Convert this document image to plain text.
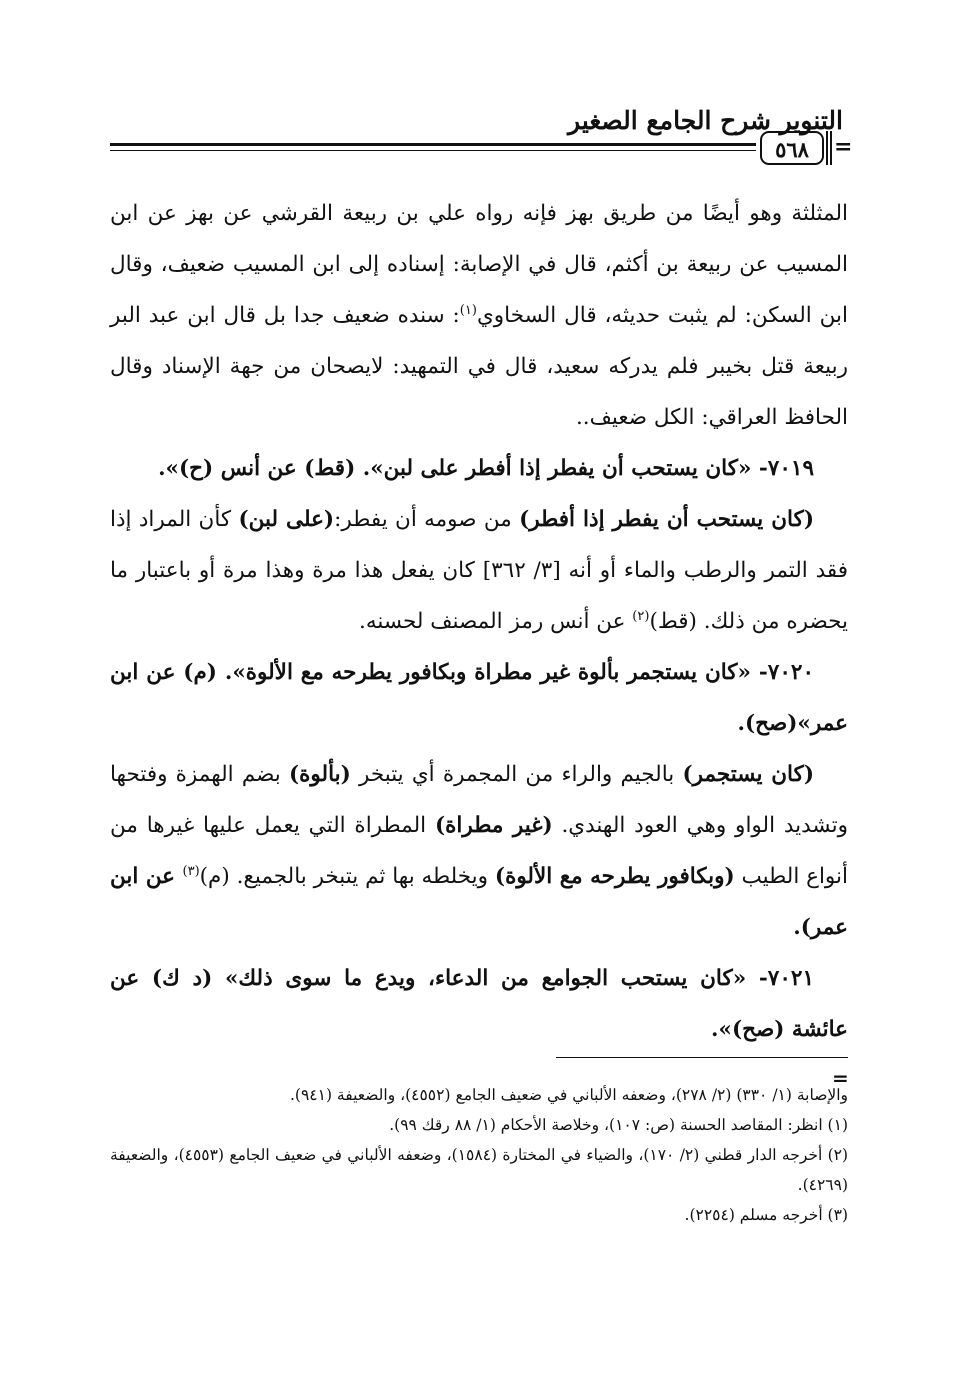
التنوير شرح الجامع الصغير
٥٦٨	=

المثلثة وهو أيضًا من طريق بهز فإنه رواه علي بن ربيعة القرشي عن بهز عن ابن المسيب عن ربيعة بن أكثم، قال في الإصابة: إسناده إلى ابن المسيب ضعيف، وقال ابن السكن: لم يثبت حديثه، قال السخاوي$^{(١)}$: سنده ضعيف جدا بل قال ابن عبد البر ربيعة قتل بخيبر فلم يدركه سعيد، قال في التمهيد: لايصحان من جهة الإسناد وقال الحافظ العراقي: الكل ضعيف..

٧٠١٩- «كان يستحب أن يفطر إذا أفطر على لبن». (قط) عن أنس (ح)».

(كان يستحب أن يفطر إذا أفطر) من صومه أن يفطر:(على لبن) كأن المراد إذا فقد التمر والرطب والماء أو أنه [٣/ ٣٦٢] كان يفعل هذا مرة وهذا مرة أو باعتبار ما يحضره من ذلك. (قط)$^{(٢)}$ عن أنس رمز المصنف لحسنه.

٧٠٢٠- «كان يستجمر بألوة غير مطراة وبكافور يطرحه مع الألوة». (م) عن ابن عمر»(صح).

(كان يستجمر) بالجيم والراء من المجمرة أي يتبخر (بألوة) بضم الهمزة وفتحها وتشديد الواو وهي العود الهندي. (غير مطراة) المطراة التي يعمل عليها غيرها من أنواع الطيب (وبكافور يطرحه مع الألوة) ويخلطه بها ثم يتبخر بالجميع. (م)$^{(٣)}$ عن ابن عمر).

٧٠٢١- «كان يستحب الجوامع من الدعاء، ويدع ما سوى ذلك» (د ك) عن عائشة (صح)».

=

والإصابة (١/ ٣٣٠) (٢/ ٢٧٨)، وضعفه الألباني في ضعيف الجامع (٤٥٥٢)، والضعيفة (٩٤١).

(١) انظر: المقاصد الحسنة (ص: ١٠٧)، وخلاصة الأحكام (١/ ٨٨ رقك ٩٩).

(٢) أخرجه الدار قطني (٢/ ١٧٠)، والضياء في المختارة (١٥٨٤)، وضعفه الألباني في ضعيف الجامع (٤٥٥٣)، والضعيفة (٤٢٦٩).

(٣) أخرجه مسلم (٢٢٥٤).
